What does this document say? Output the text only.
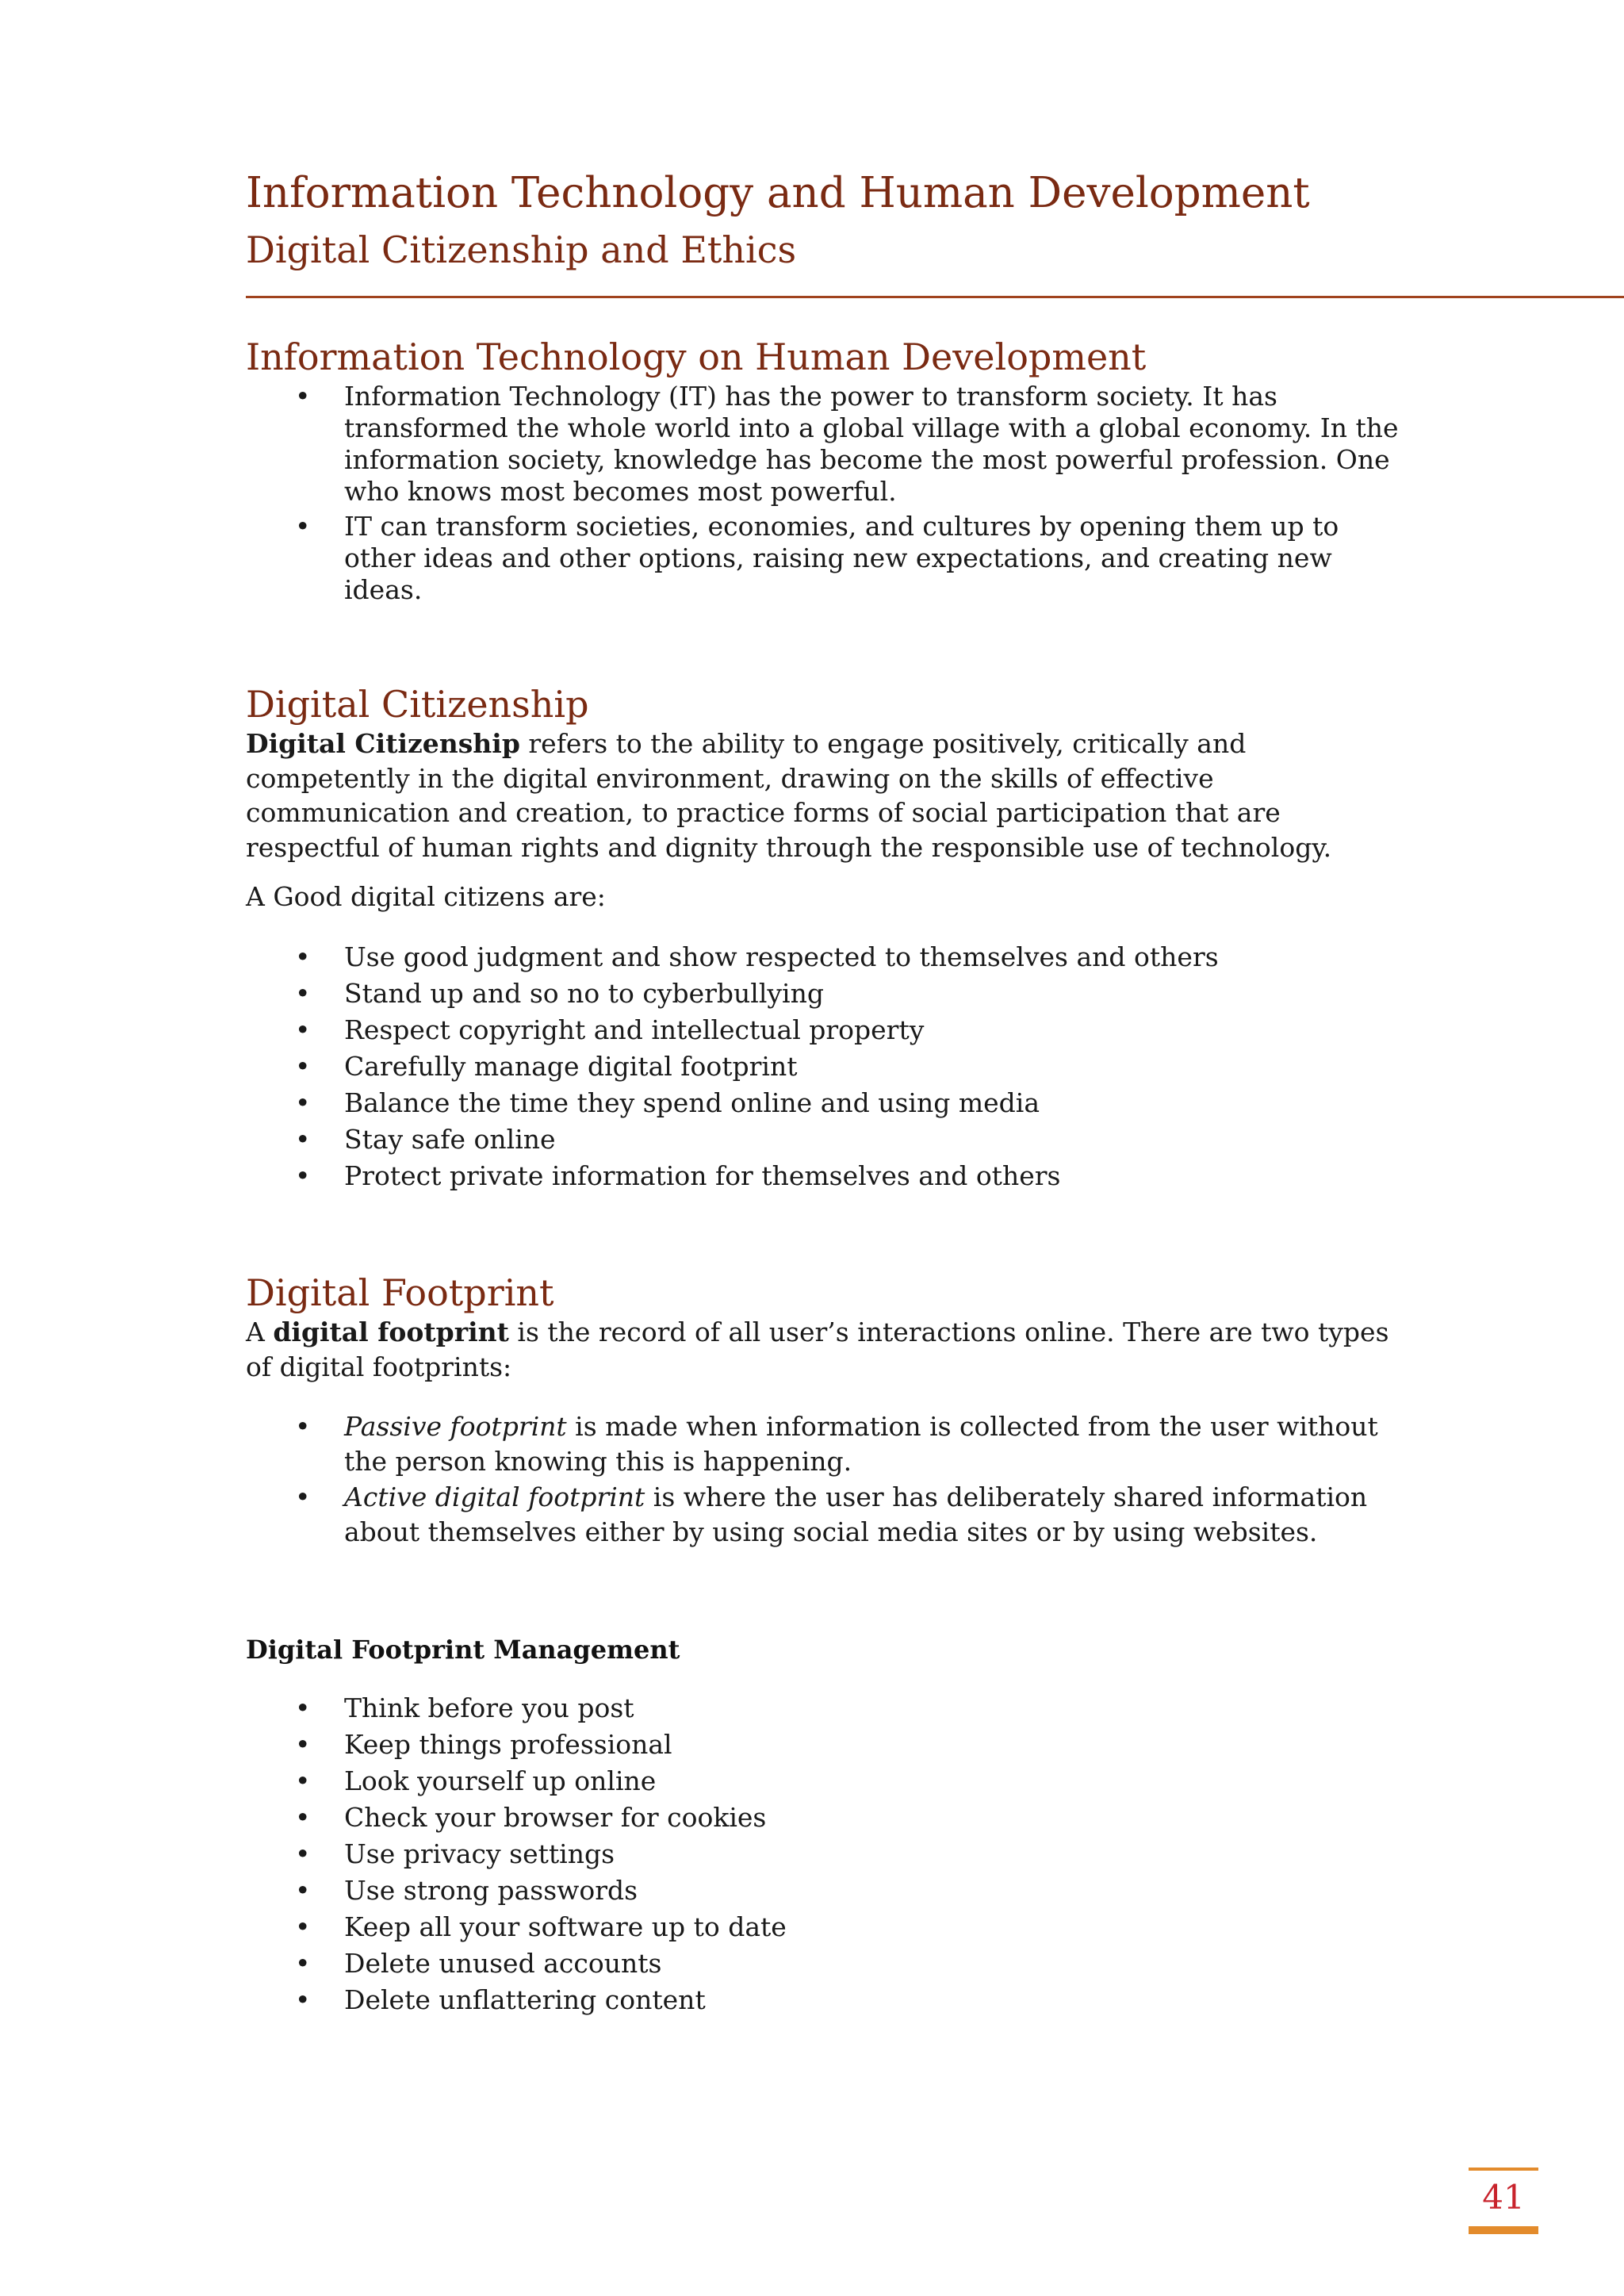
Information Technology and Human Development
Digital Citizenship and Ethics
Information Technology on Human Development
• Information Technology (IT) has the power to transform society. It has transformed the whole world into a global village with a global economy. In the information society, knowledge has become the most powerful profession. One who knows most becomes most powerful.
• IT can transform societies, economies, and cultures by opening them up to other ideas and other options, raising new expectations, and creating new ideas.
Digital Citizenship

Digital Citizenship refers to the ability to engage positively, critically and competently in the digital environment, drawing on the skills of effective communication and creation, to practice forms of social participation that are respectful of human rights and dignity through the responsible use of technology.

A Good digital citizens are:

• Use good judgment and show respected to themselves and others
• Stand up and so no to cyberbullying
• Respect copyright and intellectual property
• Carefully manage digital footprint
• Balance the time they spend online and using media
• Stay safe online
• Protect private information for themselves and others
Digital Footprint

A digital footprint is the record of all user’s interactions online. There are two types of digital footprints:

• Passive footprint is made when information is collected from the user without the person knowing this is happening.
• Active digital footprint is where the user has deliberately shared information about themselves either by using social media sites or by using websites.
Digital Footprint Management
• Think before you post
• Keep things professional
• Look yourself up online
• Check your browser for cookies
• Use privacy settings
• Use strong passwords
• Keep all your software up to date
• Delete unused accounts
• Delete unflattering content
41
